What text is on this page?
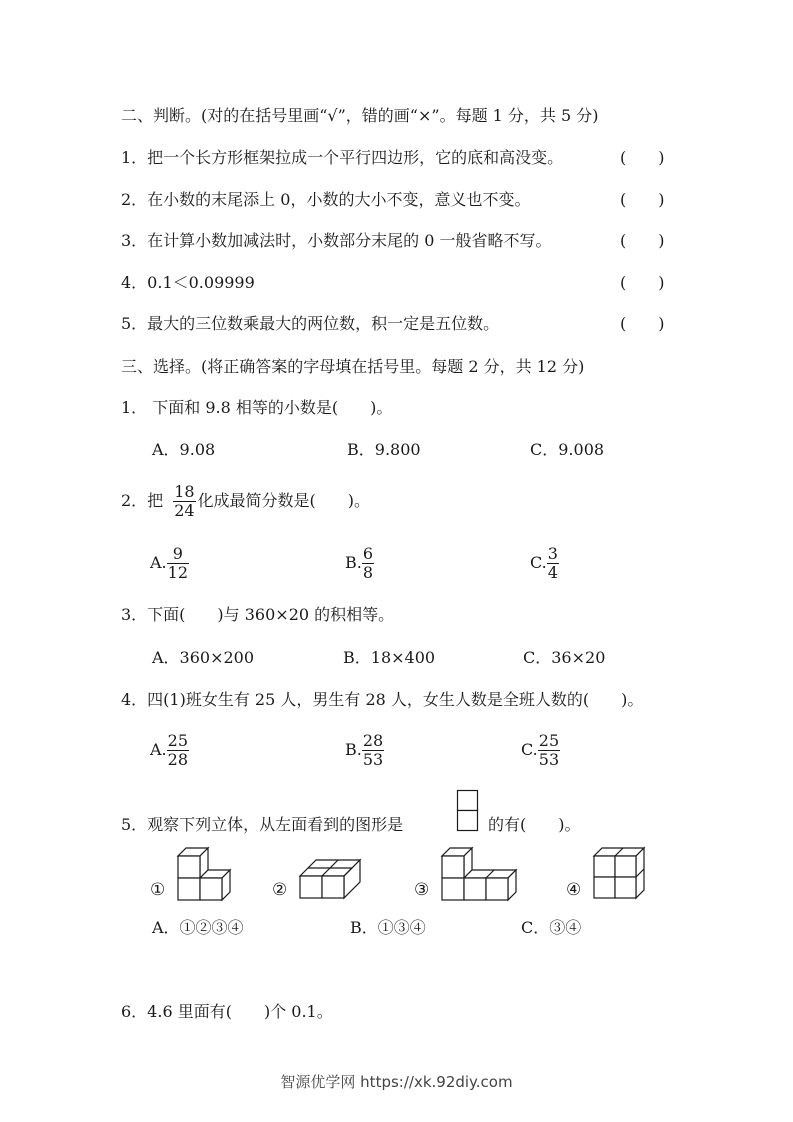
二、判断。(对的在括号里画“√”，错的画“×”。每题 1 分，共 5 分)
1．把一个长方形框架拉成一个平行四边形，它的底和高没变。	(　　)
2．在小数的末尾添上 0，小数的大小不变，意义也不变。	(　　)
3．在计算小数加减法时，小数部分末尾的 0 一般省略不写。	(　　)
4．0.1＜0.09999	(　　)
5．最大的三位数乘最大的两位数，积一定是五位数。	(　　)
三、选择。(将正确答案的字母填在括号里。每题 2 分，共 12 分)
1． 下面和 9.8 相等的小数是(　　)。
A．9.08	B．9.800	C．9.008
2．把 $\frac{18}{24}$ 化成最简分数是(　　)。
A. $\frac{9}{12}$	B. $\frac{6}{8}$	C. $\frac{3}{4}$
3．下面(　　)与 360×20 的积相等。
A．360×200	B．18×400	C．36×20
4．四(1)班女生有 25 人，男生有 28 人，女生人数是全班人数的(　　)。
A. $\frac{25}{28}$	B. $\frac{28}{53}$	C. $\frac{25}{53}$
5．观察下列立体，从左面看到的图形是	的有(　　)。
①	②	③	④
A．①②③④	B．①③④	C．③④
6．4.6 里面有(　　)个 0.1。
智源优学网 https://xk.92diy.com
